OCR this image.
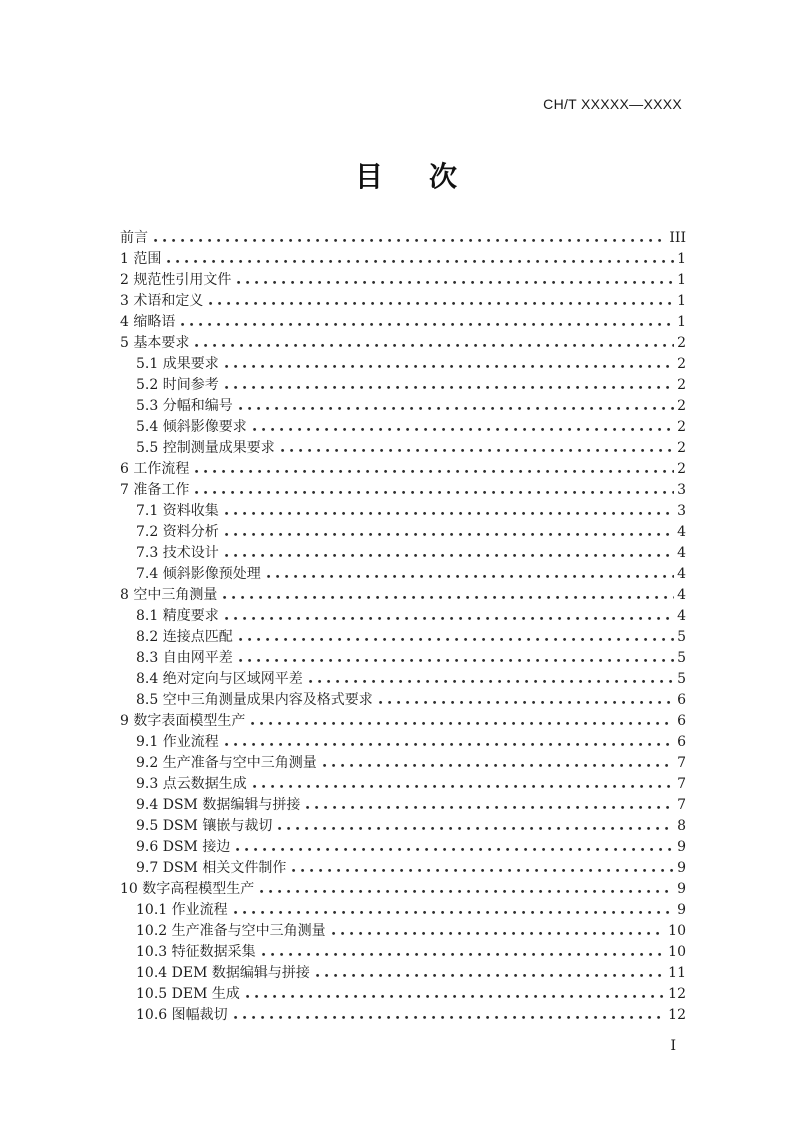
CH/T XXXXX—XXXX
目 次
前言	III
1 范围	1
2 规范性引用文件	1
3 术语和定义	1
4 缩略语	1
5 基本要求	2
5.1 成果要求	2
5.2 时间参考	2
5.3 分幅和编号	2
5.4 倾斜影像要求	2
5.5 控制测量成果要求	2
6 工作流程	2
7 准备工作	3
7.1 资料收集	3
7.2 资料分析	4
7.3 技术设计	4
7.4 倾斜影像预处理	4
8 空中三角测量	4
8.1 精度要求	4
8.2 连接点匹配	5
8.3 自由网平差	5
8.4 绝对定向与区域网平差	5
8.5 空中三角测量成果内容及格式要求	6
9 数字表面模型生产	6
9.1 作业流程	6
9.2 生产准备与空中三角测量	7
9.3 点云数据生成	7
9.4 DSM 数据编辑与拼接	7
9.5 DSM 镶嵌与裁切	8
9.6 DSM 接边	9
9.7 DSM 相关文件制作	9
10 数字高程模型生产	9
10.1 作业流程	9
10.2 生产准备与空中三角测量	10
10.3 特征数据采集	10
10.4 DEM 数据编辑与拼接	11
10.5 DEM 生成	12
10.6 图幅裁切	12
I
